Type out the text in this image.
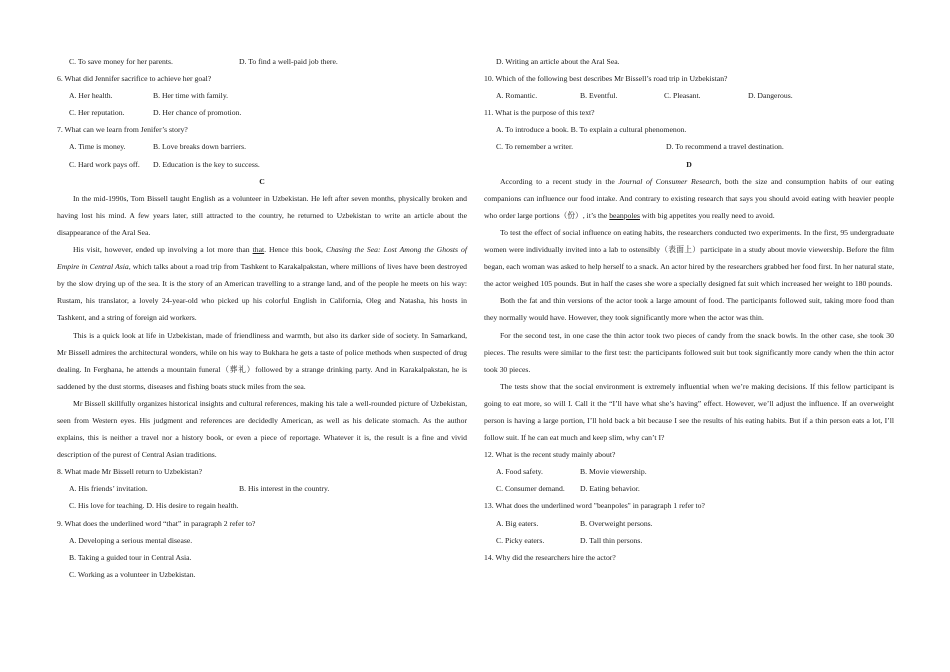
C. To save money for her parents.	D. To find a well-paid job there.

6. What did Jennifer sacrifice to achieve her goal?

A. Her health.	B. Her time with family.
C. Her reputation.	D. Her chance of promotion.

7. What can we learn from Jenifer’s story?

A. Time is money.	B. Love breaks down barriers.
C. Hard work pays off.	D. Education is the key to success.

C

In the mid-1990s, Tom Bissell taught English as a volunteer in Uzbekistan. He left after seven months, physically broken and having lost his mind. A few years later, still attracted to the country, he returned to Uzbekistan to write an article about the disappearance of the Aral Sea.

His visit, however, ended up involving a lot more than that. Hence this book, Chasing the Sea: Lost Among the Ghosts of Empire in Central Asia, which talks about a road trip from Tashkent to Karakalpakstan, where millions of lives have been destroyed by the slow drying up of the sea. It is the story of an American travelling to a strange land, and of the people he meets on his way: Rustam, his translator, a lovely 24-year-old who picked up his colorful English in California, Oleg and Natasha, his hosts in Tashkent, and a string of foreign aid workers.

This is a quick look at life in Uzbekistan, made of friendliness and warmth, but also its darker side of society. In Samarkand, Mr Bissell admires the architectural wonders, while on his way to Bukhara he gets a taste of police methods when suspected of drug dealing. In Ferghana, he attends a mountain funeral（葬礼）followed by a strange drinking party. And in Karakalpakstan, he is saddened by the dust storms, diseases and fishing boats stuck miles from the sea.

Mr Bissell skillfully organizes historical insights and cultural references, making his tale a well-rounded picture of Uzbekistan, seen from Western eyes. His judgment and references are decidedly American, as well as his delicate stomach. As the author explains, this is neither a travel nor a history book, or even a piece of reportage. Whatever it is, the result is a fine and vivid description of the purest of Central Asian traditions.

8. What made Mr Bissell return to Uzbekistan?

A. His friends’ invitation.	B. His interest in the country.
C. His love for teaching. D. His desire to regain health.

9. What does the underlined word “that” in paragraph 2 refer to?

A. Developing a serious mental disease.

B. Taking a guided tour in Central Asia.

C. Working as a volunteer in Uzbekistan.

D. Writing an article about the Aral Sea.

10. Which of the following best describes Mr Bissell’s road trip in Uzbekistan?

A. Romantic.	B. Eventful.	C. Pleasant.	D. Dangerous.

11. What is the purpose of this text?

A. To introduce a book. B. To explain a cultural phenomenon.

C. To remember a writer.	D. To recommend a travel destination.

D

According to a recent study in the Journal of Consumer Research, both the size and consumption habits of our eating companions can influence our food intake. And contrary to existing research that says you should avoid eating with heavier people who order large portions（份）, it’s the beanpoles with big appetites you really need to avoid.

To test the effect of social influence on eating habits, the researchers conducted two experiments. In the first, 95 undergraduate women were individually invited into a lab to ostensibly（表面上）participate in a study about movie viewership. Before the film began, each woman was asked to help herself to a snack. An actor hired by the researchers grabbed her food first. In her natural state, the actor weighed 105 pounds. But in half the cases she wore a specially designed fat suit which increased her weight to 180 pounds.

Both the fat and thin versions of the actor took a large amount of food. The participants followed suit, taking more food than they normally would have. However, they took significantly more when the actor was thin.

For the second test, in one case the thin actor took two pieces of candy from the snack bowls. In the other case, she took 30 pieces. The results were similar to the first test: the participants followed suit but took significantly more candy when the thin actor took 30 pieces.

The tests show that the social environment is extremely influential when we’re making decisions. If this fellow participant is going to eat more, so will I. Call it the “I’ll have what she’s having” effect. However, we’ll adjust the influence. If an overweight person is having a large portion, I’ll hold back a bit because I see the results of his eating habits. But if a thin person eats a lot, I’ll follow suit. If he can eat much and keep slim, why can’t I?

12. What is the recent study mainly about?

A. Food safety.	B. Movie viewership.
C. Consumer demand.	D. Eating behavior.

13. What does the underlined word "beanpoles" in paragraph 1 refer to?

A. Big eaters.	B. Overweight persons.
C. Picky eaters.	D. Tall thin persons.

14. Why did the researchers hire the actor?
